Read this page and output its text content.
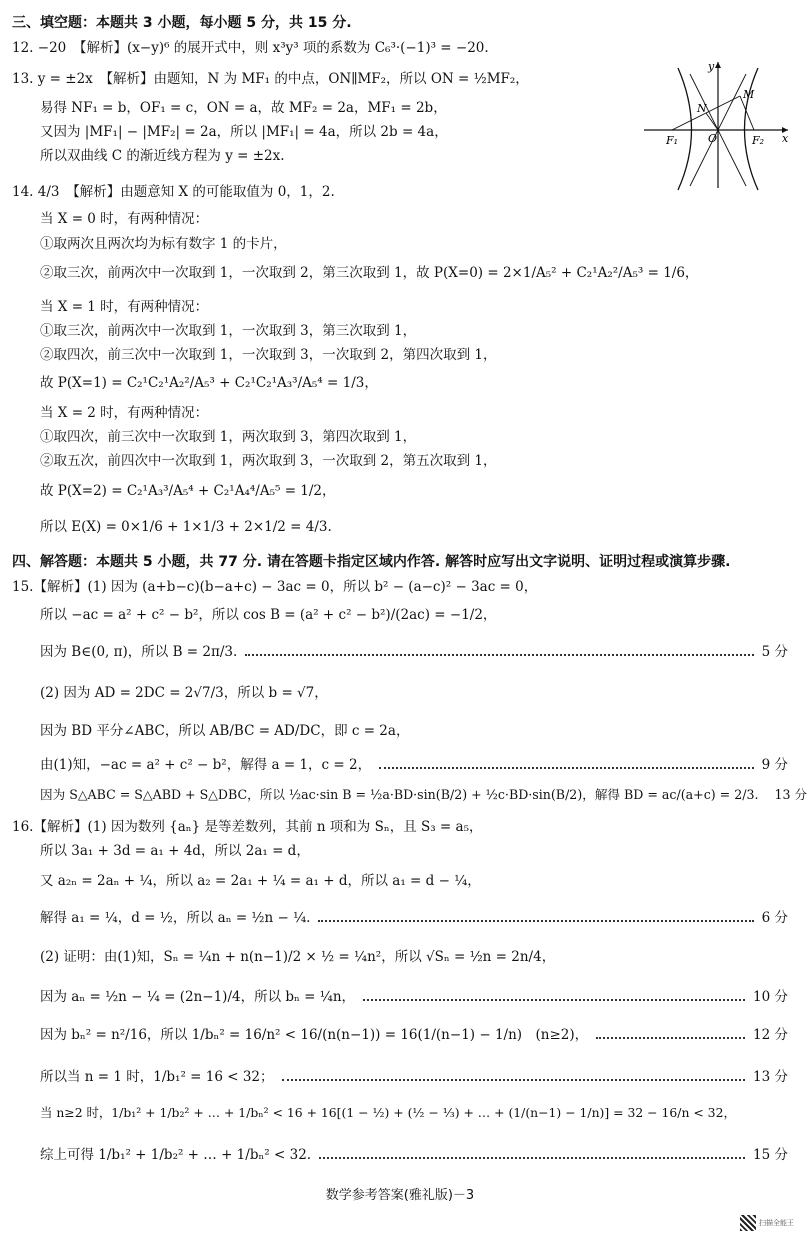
三、填空题：本题共 3 小题，每小题 5 分，共 15 分.
12. −20　【解析】(x−y)⁶ 的展开式中，则 x³y³ 项的系数为 C₆³·(−1)³ = −20.
13. y = ±2x　【解析】由题知，N 为 MF₁ 的中点，ON∥MF₂，所以 ON = ½MF₂，
易得 NF₁ = b，OF₁ = c，ON = a，故 MF₂ = 2a，MF₁ = 2b，
又因为 |MF₁| − |MF₂| = 2a，所以 |MF₁| = 4a，所以 2b = 4a，
所以双曲线 C 的渐近线方程为 y = ±2x.
y
N
M
F₁	O	F₂ x
14. 4/3　【解析】由题意知 X 的可能取值为 0，1，2.
当 X = 0 时，有两种情况：
①取两次且两次均为标有数字 1 的卡片，
②取三次，前两次中一次取到 1，一次取到 2，第三次取到 1，故 P(X=0) = 2×1/A₅² + C₂¹A₂²/A₅³ = 1/6，
当 X = 1 时，有两种情况：
①取三次，前两次中一次取到 1，一次取到 3，第三次取到 1，
②取四次，前三次中一次取到 1，一次取到 3，一次取到 2，第四次取到 1，
故 P(X=1) = C₂¹C₂¹A₂²/A₅³ + C₂¹C₂¹A₃³/A₅⁴ = 1/3，
当 X = 2 时，有两种情况：
①取四次，前三次中一次取到 1，两次取到 3，第四次取到 1，
②取五次，前四次中一次取到 1，两次取到 3，一次取到 2，第五次取到 1，
故 P(X=2) = C₂¹A₃³/A₅⁴ + C₂¹A₄⁴/A₅⁵ = 1/2，
所以 E(X) = 0×1/6 + 1×1/3 + 2×1/2 = 4/3.
四、解答题：本题共 5 小题，共 77 分. 请在答题卡指定区域内作答. 解答时应写出文字说明、证明过程或演算步骤.
15.【解析】(1) 因为 (a+b−c)(b−a+c) − 3ac = 0，所以 b² − (a−c)² − 3ac = 0，
所以 −ac = a² + c² − b²，所以 cos B = (a² + c² − b²)/(2ac) = −1/2，
因为 B∈(0, π)，所以 B = 2π/3.	5 分
(2) 因为 AD = 2DC = 2√7/3，所以 b = √7，
因为 BD 平分∠ABC，所以 AB/BC = AD/DC，即 c = 2a，
由(1)知，−ac = a² + c² − b²，解得 a = 1，c = 2，	9 分
因为 S△ABC = S△ABD + S△DBC，所以 ½ac·sin B = ½a·BD·sin(B/2) + ½c·BD·sin(B/2)，解得 BD = ac/(a+c) = 2/3. 13 分
16.【解析】(1) 因为数列 {aₙ} 是等差数列，其前 n 项和为 Sₙ，且 S₃ = a₅，
所以 3a₁ + 3d = a₁ + 4d，所以 2a₁ = d，
又 a₂ₙ = 2aₙ + ¼，所以 a₂ = 2a₁ + ¼ = a₁ + d，所以 a₁ = d − ¼，
解得 a₁ = ¼，d = ½，所以 aₙ = ½n − ¼.	6 分
(2) 证明：由(1)知，Sₙ = ¼n + n(n−1)/2 × ½ = ¼n²，所以 √Sₙ = ½n = 2n/4，
因为 aₙ = ½n − ¼ = (2n−1)/4，所以 bₙ = ¼n，	10 分
因为 bₙ² = n²/16，所以 1/bₙ² = 16/n² < 16/(n(n−1)) = 16(1/(n−1) − 1/n)　(n≥2)，	12 分
所以当 n = 1 时，1/b₁² = 16 < 32；	13 分
当 n≥2 时，1/b₁² + 1/b₂² + … + 1/bₙ² < 16 + 16[(1 − ½) + (½ − ⅓) + … + (1/(n−1) − 1/n)] = 32 − 16/n < 32，
综上可得 1/b₁² + 1/b₂² + … + 1/bₙ² < 32.	15 分
数学参考答案(雅礼版)－3
扫描全能王
